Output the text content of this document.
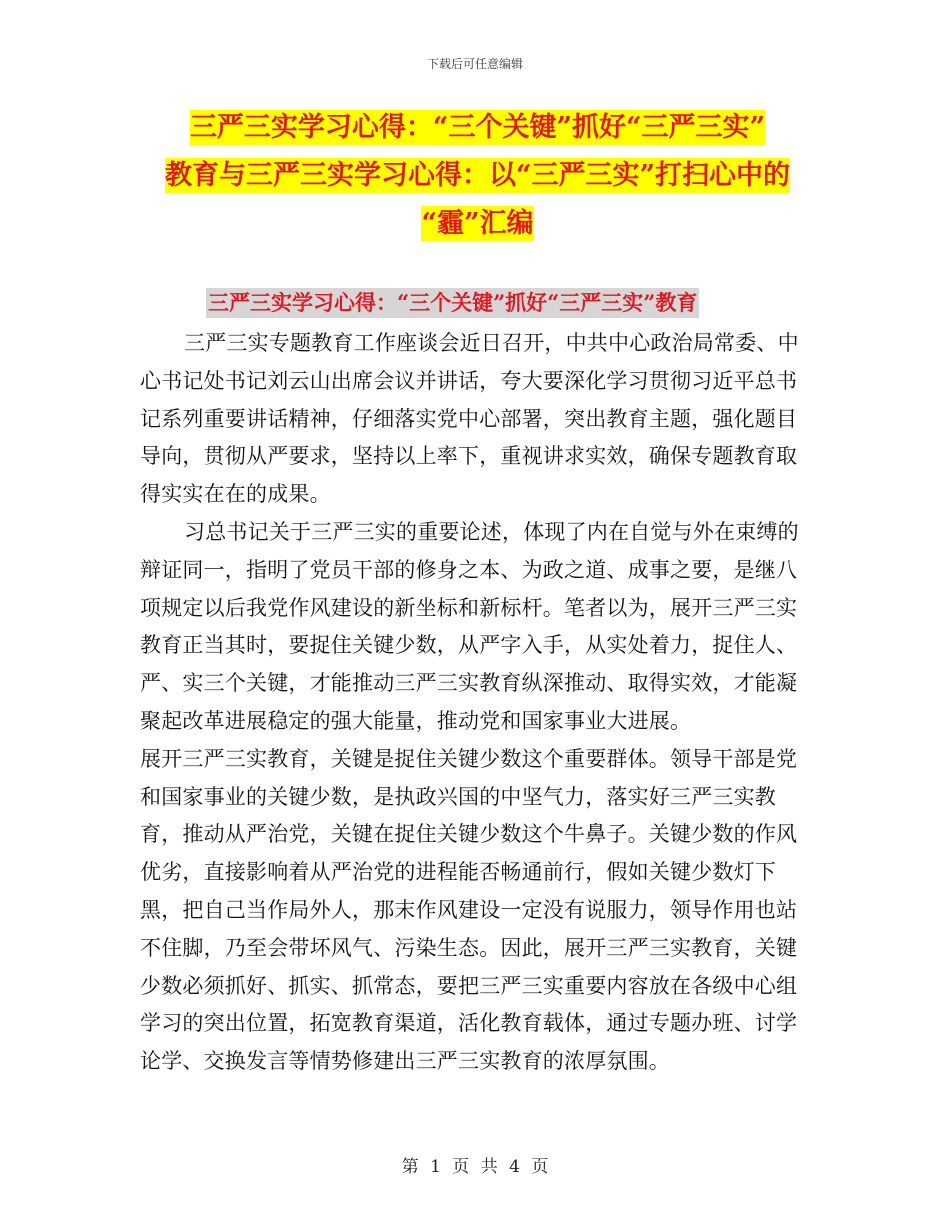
下载后可任意编辑
三严三实学习心得：“三个关键”抓好“三严三实”
教育与三严三实学习心得：以“三严三实”打扫心中的
“霾”汇编
三严三实学习心得：“三个关键”抓好“三严三实”教育

三严三实专题教育工作座谈会近日召开，中共中心政治局常委、中心书记处书记刘云山出席会议并讲话，夸大要深化学习贯彻习近平总书记系列重要讲话精神，仔细落实党中心部署，突出教育主题，强化题目导向，贯彻从严要求，坚持以上率下，重视讲求实效，确保专题教育取得实实在在的成果。

习总书记关于三严三实的重要论述，体现了内在自觉与外在束缚的辩证同一，指明了党员干部的修身之本、为政之道、成事之要，是继八项规定以后我党作风建设的新坐标和新标杆。笔者以为，展开三严三实教育正当其时，要捉住关键少数，从严字入手，从实处着力，捉住人、严、实三个关键，才能推动三严三实教育纵深推动、取得实效，才能凝聚起改革进展稳定的强大能量，推动党和国家事业大进展。

展开三严三实教育，关键是捉住关键少数这个重要群体。领导干部是党和国家事业的关键少数，是执政兴国的中坚气力，落实好三严三实教育，推动从严治党，关键在捉住关键少数这个牛鼻子。关键少数的作风优劣，直接影响着从严治党的进程能否畅通前行，假如关键少数灯下黑，把自己当作局外人，那末作风建设一定没有说服力，领导作用也站不住脚，乃至会带坏风气、污染生态。因此，展开三严三实教育，关键少数必须抓好、抓实、抓常态，要把三严三实重要内容放在各级中心组学习的突出位置，拓宽教育渠道，活化教育载体，通过专题办班、讨学论学、交换发言等情势修建出三严三实教育的浓厚氛围。

第 1 页 共 4 页
